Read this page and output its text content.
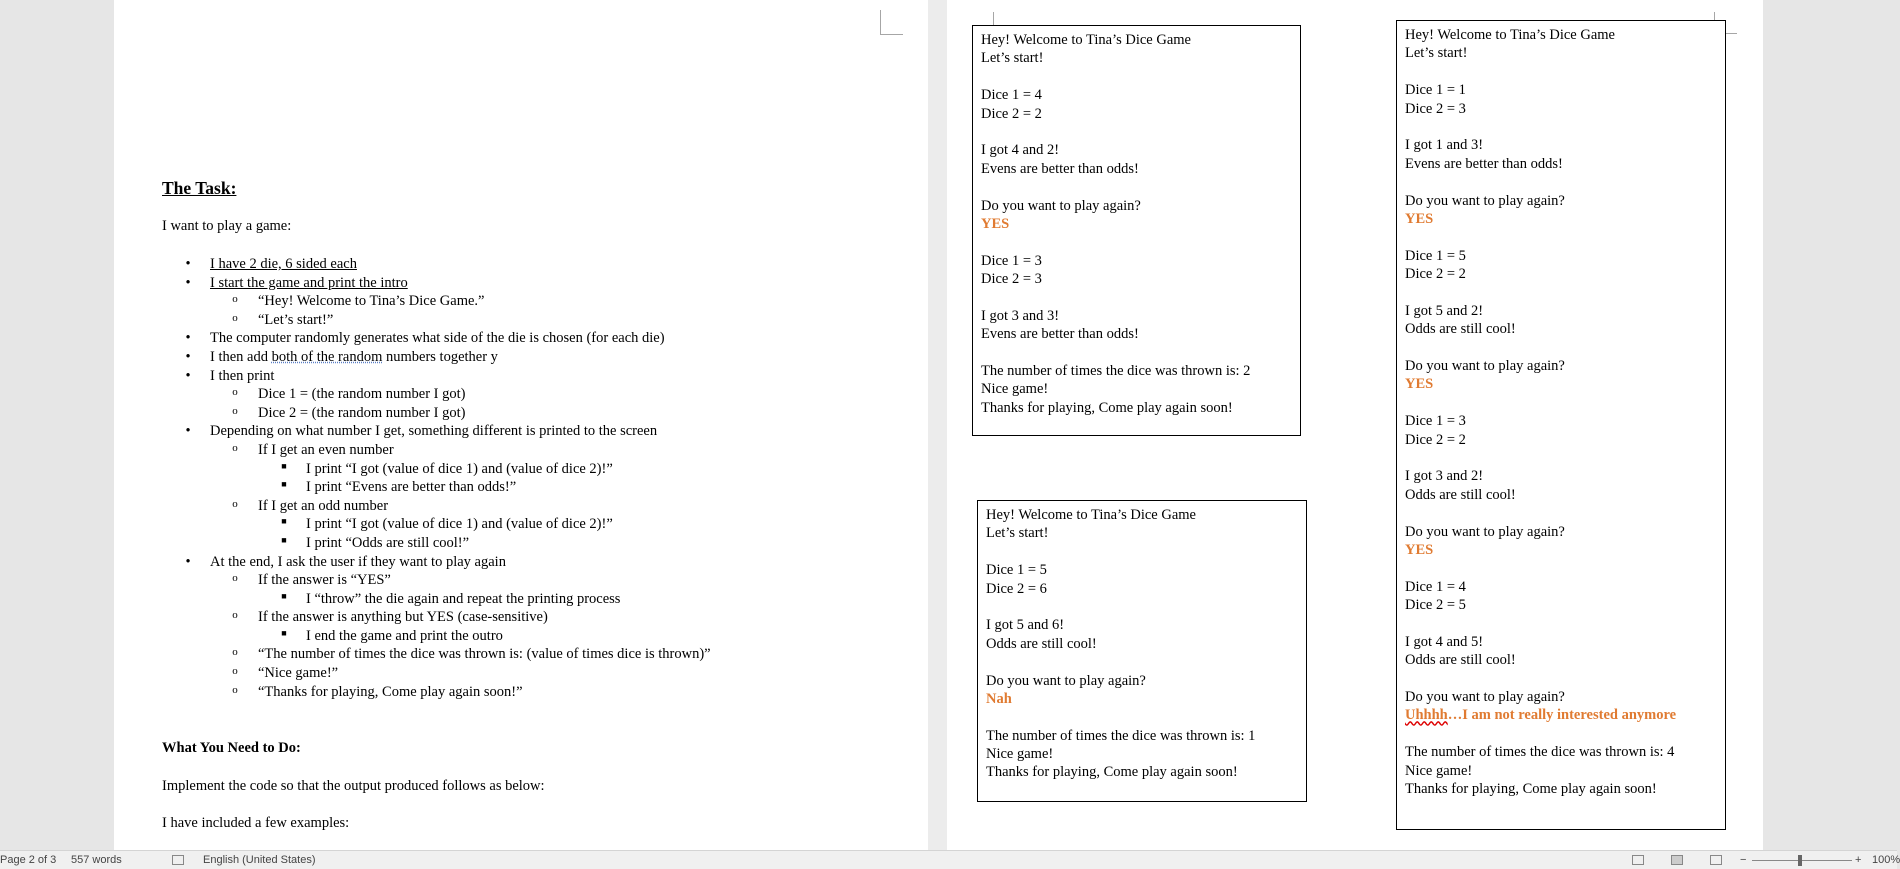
The Task:
I want to play a game:
• I have 2 die, 6 sided each
• I start the game and print the intro
o “Hey! Welcome to Tina’s Dice Game.”
o “Let’s start!”
• The computer randomly generates what side of the die is chosen (for each die)
• I then add both of the random numbers together y
• I then print
o Dice 1 = (the random number I got)
o Dice 2 = (the random number I got)
• Depending on what number I get, something different is printed to the screen
o If I get an even number
■ I print “I got (value of dice 1) and (value of dice 2)!”
■ I print “Evens are better than odds!”
o If I get an odd number
■ I print “I got (value of dice 1) and (value of dice 2)!”
■ I print “Odds are still cool!”
• At the end, I ask the user if they want to play again
o If the answer is “YES”
■ I “throw” the die again and repeat the printing process
o If the answer is anything but YES (case-sensitive)
■ I end the game and print the outro
o “The number of times the dice was thrown is: (value of times dice is thrown)”
o “Nice game!”
o “Thanks for playing, Come play again soon!”
What You Need to Do:
Implement the code so that the output produced follows as below:
I have included a few examples:
Hey! Welcome to Tina’s Dice Game
Let’s start!
Dice 1 = 4
Dice 2 = 2
I got 4 and 2!
Evens are better than odds!
Do you want to play again?
YES
Dice 1 = 3
Dice 2 = 3
I got 3 and 3!
Evens are better than odds!
The number of times the dice was thrown is: 2
Nice game!
Thanks for playing, Come play again soon!
Hey! Welcome to Tina’s Dice Game
Let’s start!
Dice 1 = 5
Dice 2 = 6
I got 5 and 6!
Odds are still cool!
Do you want to play again?
Nah
The number of times the dice was thrown is: 1
Nice game!
Thanks for playing, Come play again soon!
Hey! Welcome to Tina’s Dice Game
Let’s start!
Dice 1 = 1
Dice 2 = 3
I got 1 and 3!
Evens are better than odds!
Do you want to play again?
YES
Dice 1 = 5
Dice 2 = 2
I got 5 and 2!
Odds are still cool!
Do you want to play again?
YES
Dice 1 = 3
Dice 2 = 2
I got 3 and 2!
Odds are still cool!
Do you want to play again?
YES
Dice 1 = 4
Dice 2 = 5
I got 4 and 5!
Odds are still cool!
Do you want to play again?
Uhhhh…I am not really interested anymore
The number of times the dice was thrown is: 4
Nice game!
Thanks for playing, Come play again soon!
Page 2 of 3 557 words	English (United States)	−	+ 100%
